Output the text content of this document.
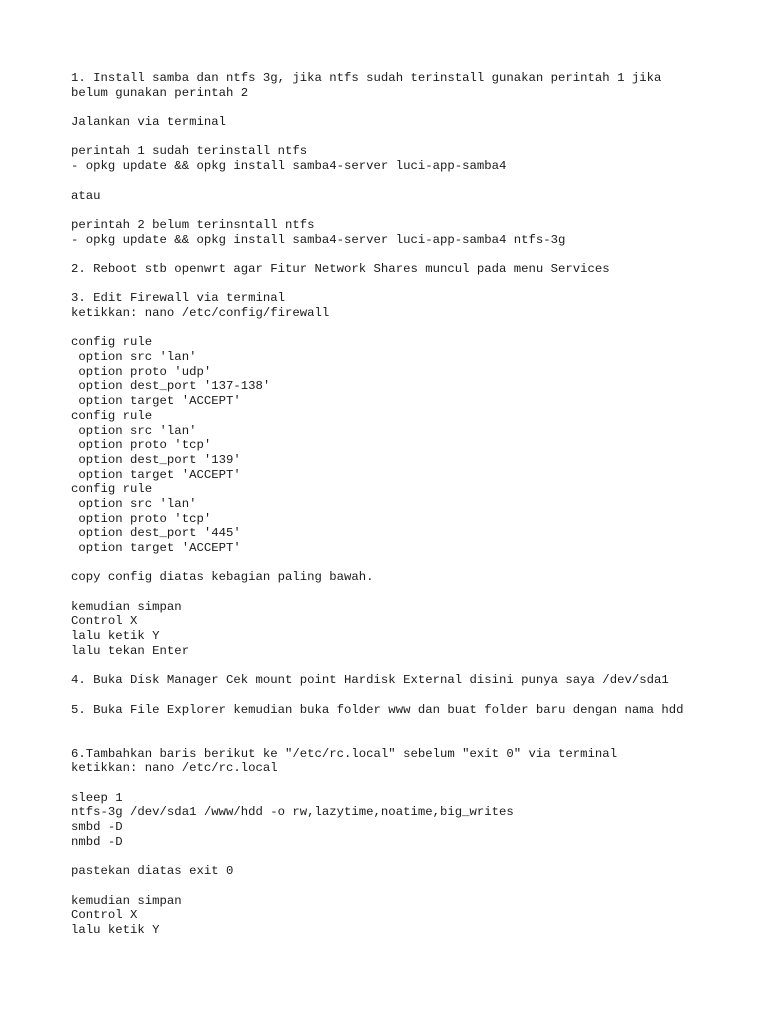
1. Install samba dan ntfs 3g, jika ntfs sudah terinstall gunakan perintah 1 jika
belum gunakan perintah 2
Jalankan via terminal
perintah 1 sudah terinstall ntfs
- opkg update && opkg install samba4-server luci-app-samba4
atau
perintah 2 belum terinsntall ntfs
- opkg update && opkg install samba4-server luci-app-samba4 ntfs-3g
2. Reboot stb openwrt agar Fitur Network Shares muncul pada menu Services
3. Edit Firewall via terminal
ketikkan: nano /etc/config/firewall
config rule
option src 'lan'
option proto 'udp'
option dest_port '137-138'
option target 'ACCEPT'
config rule
option src 'lan'
option proto 'tcp'
option dest_port '139'
option target 'ACCEPT'
config rule
option src 'lan'
option proto 'tcp'
option dest_port '445'
option target 'ACCEPT'
copy config diatas kebagian paling bawah.
kemudian simpan
Control X
lalu ketik Y
lalu tekan Enter
4. Buka Disk Manager Cek mount point Hardisk External disini punya saya /dev/sda1
5. Buka File Explorer kemudian buka folder www dan buat folder baru dengan nama hdd
6.Tambahkan baris berikut ke "/etc/rc.local" sebelum "exit 0" via terminal
ketikkan: nano /etc/rc.local
sleep 1
ntfs-3g /dev/sda1 /www/hdd -o rw,lazytime,noatime,big_writes
smbd -D
nmbd -D
pastekan diatas exit 0
kemudian simpan
Control X
lalu ketik Y
